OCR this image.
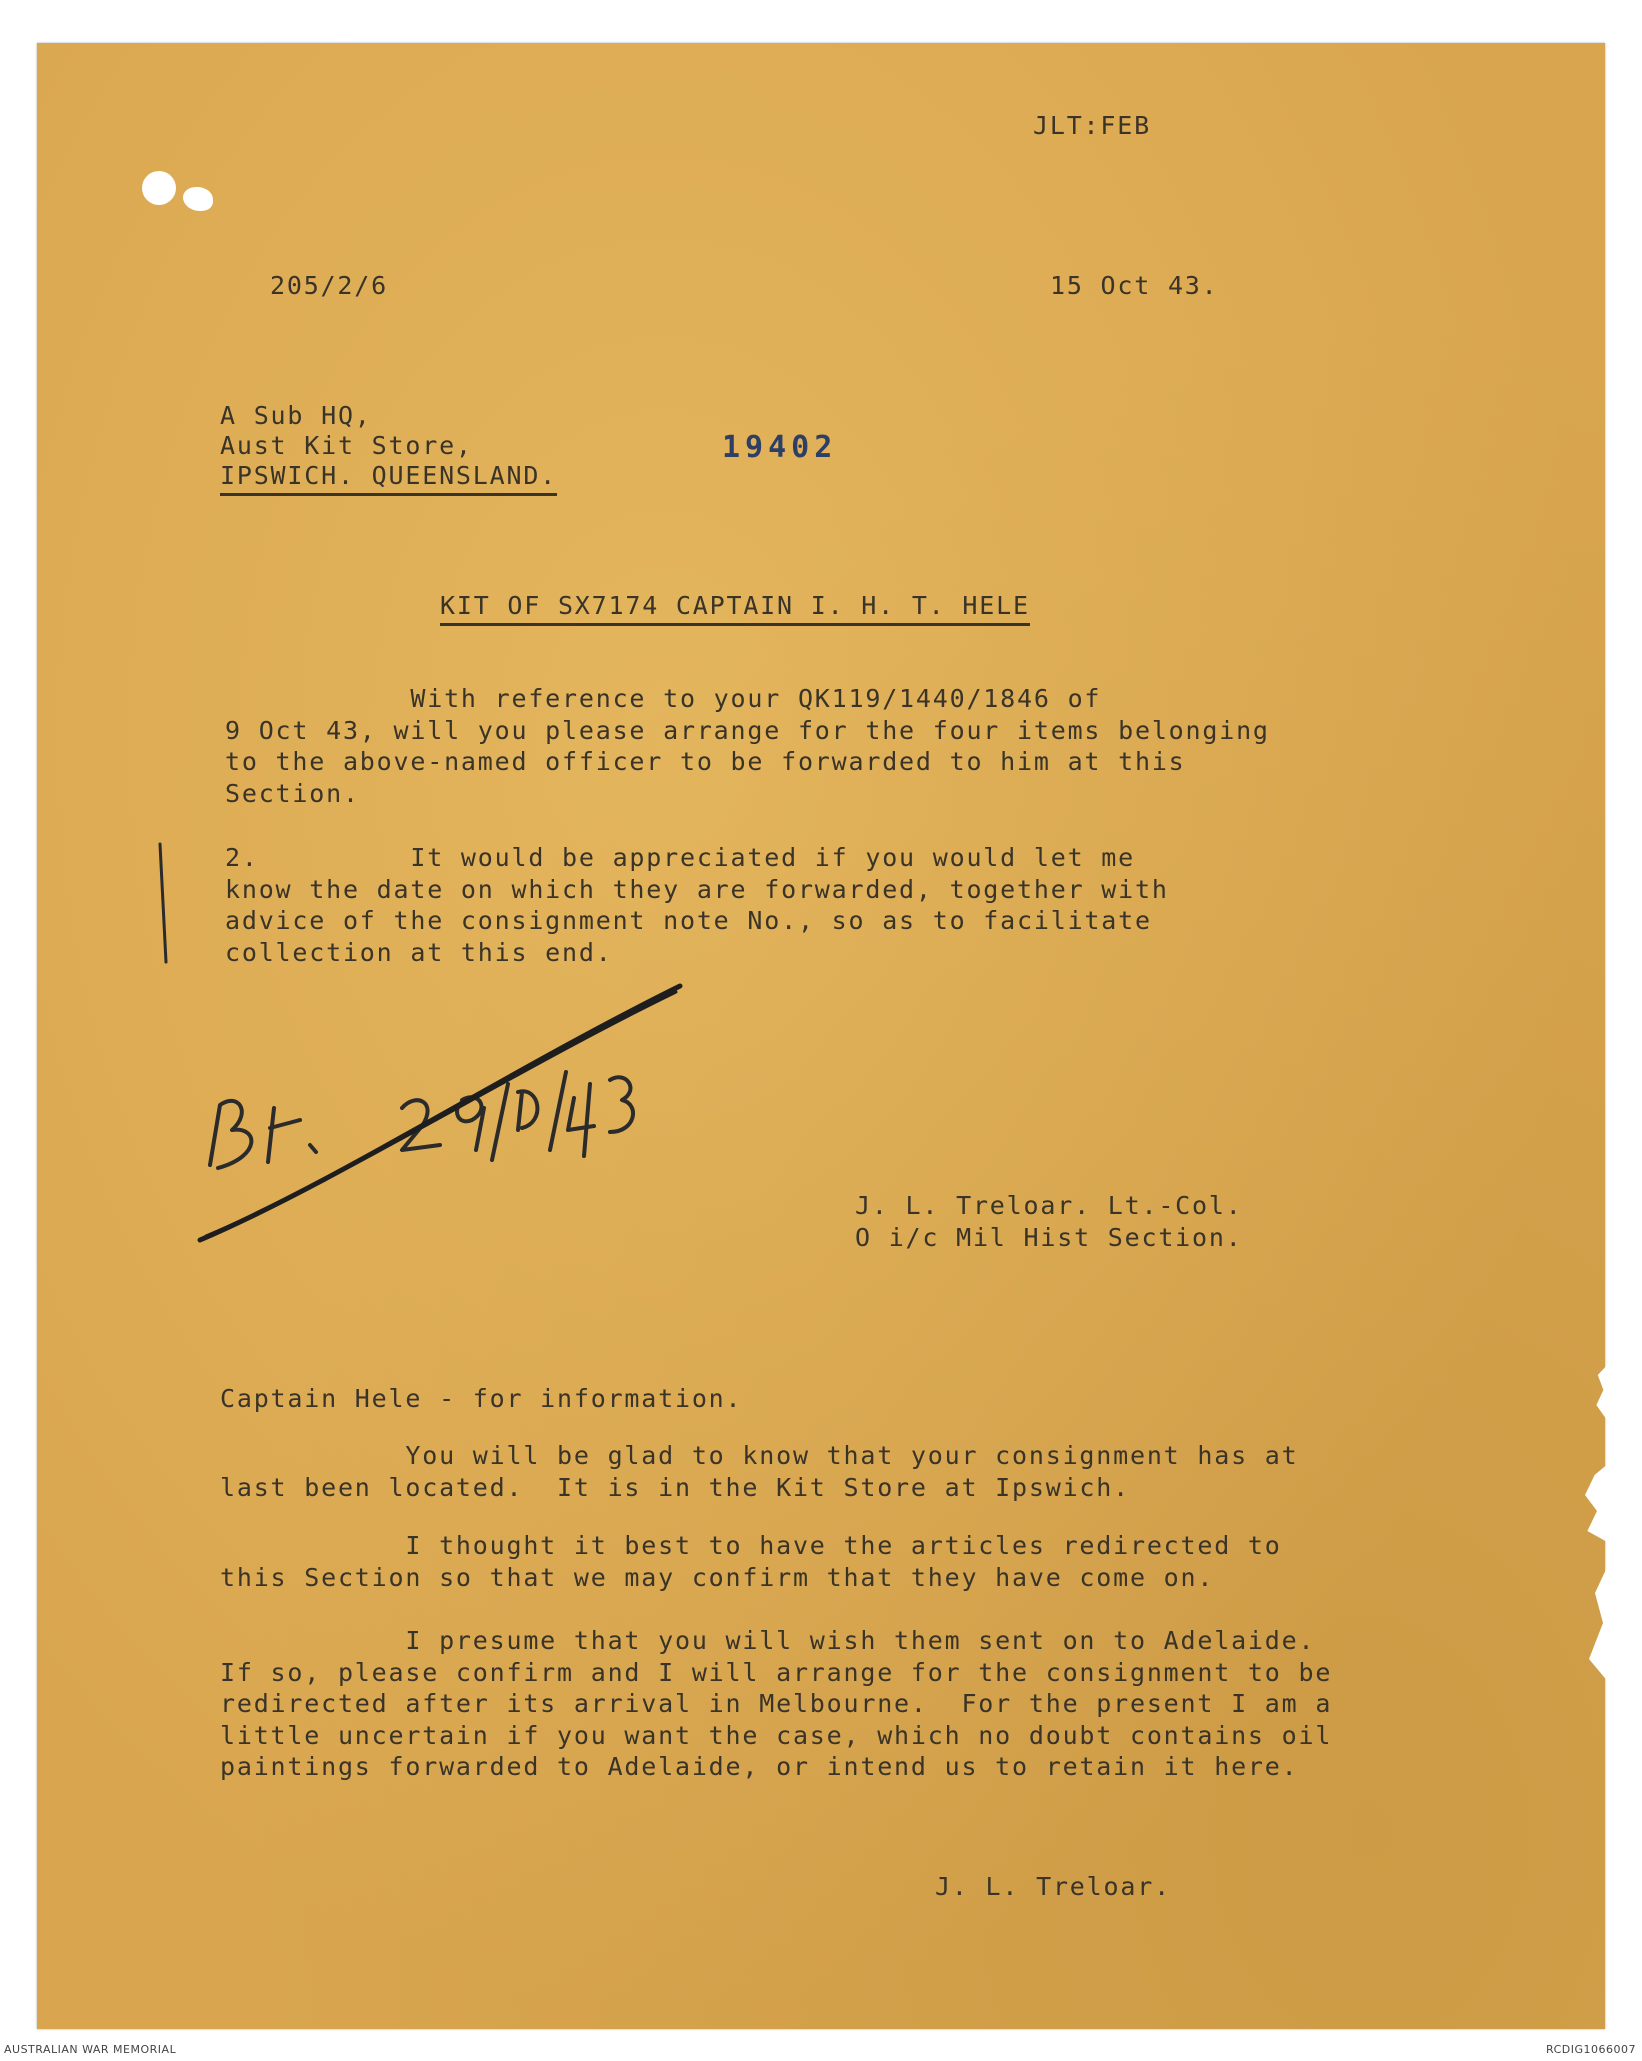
JLT:FEB
205/2/6	15 Oct 43.
A Sub HQ,
Aust Kit Store,
IPSWICH. QUEENSLAND.
19402
KIT OF SX7174 CAPTAIN I. H. T. HELE
With reference to your QK119/1440/1846 of
9 Oct 43, will you please arrange for the four items belonging
to the above-named officer to be forwarded to him at this
Section.
2.         It would be appreciated if you would let me
know the date on which they are forwarded, together with
advice of the consignment note No., so as to facilitate
collection at this end.
J. L. Treloar. Lt.-Col.
O i/c Mil Hist Section.
Captain Hele - for information.
You will be glad to know that your consignment has at
last been located.  It is in the Kit Store at Ipswich.
I thought it best to have the articles redirected to
this Section so that we may confirm that they have come on.
I presume that you will wish them sent on to Adelaide.
If so, please confirm and I will arrange for the consignment to be
redirected after its arrival in Melbourne.  For the present I am a
little uncertain if you want the case, which no doubt contains oil
paintings forwarded to Adelaide, or intend us to retain it here.
J. L. Treloar.
AUSTRALIAN WAR MEMORIAL	RCDIG1066007
